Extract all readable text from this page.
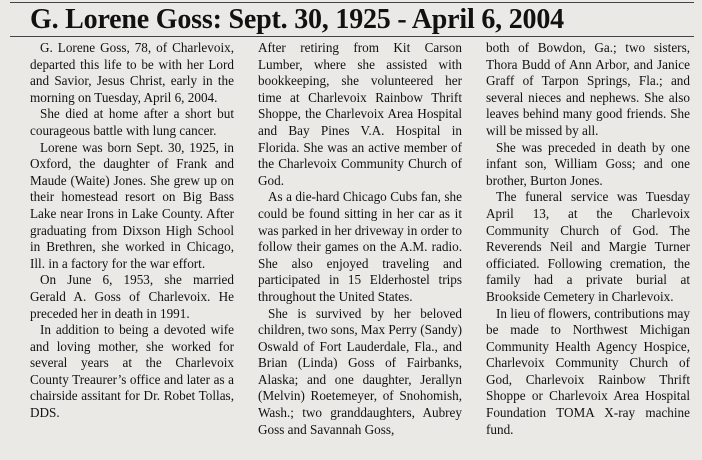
G. Lorene Goss: Sept. 30, 1925 - April 6, 2004

G. Lorene Goss, 78, of Charlevoix, departed this life to be with her Lord and Savior, Jesus Christ, early in the morning on Tuesday, April 6, 2004.

She died at home after a short but courageous battle with lung cancer.

Lorene was born Sept. 30, 1925, in Oxford, the daughter of Frank and Maude (Waite) Jones. She grew up on their homestead resort on Big Bass Lake near Irons in Lake County. After graduating from Dixson High School in Brethren, she worked in Chicago, Ill. in a factory for the war effort.

On June 6, 1953, she married Gerald A. Goss of Charlevoix. He preceded her in death in 1991.

In addition to being a devoted wife and loving mother, she worked for several years at the Charlevoix County Treaurer’s office and later as a chairside assitant for Dr. Robet Tollas, DDS.

After retiring from Kit Carson Lumber, where she assisted with bookkeeping, she volunteered her time at Charlevoix Rainbow Thrift Shoppe, the Charlevoix Area Hospital and Bay Pines V.A. Hospital in Florida. She was an active member of the Charlevoix Community Church of God.

As a die-hard Chicago Cubs fan, she could be found sitting in her car as it was parked in her driveway in order to follow their games on the A.M. radio. She also enjoyed traveling and participated in 15 Elderhostel trips throughout the United States.

She is survived by her beloved children, two sons, Max Perry (Sandy) Oswald of Fort Lauderdale, Fla., and Brian (Linda) Goss of Fairbanks, Alaska; and one daughter, Jerallyn (Melvin) Roetemeyer, of Snohomish, Wash.; two granddaughters, Aubrey Goss and Savannah Goss,

both of Bowdon, Ga.; two sisters, Thora Budd of Ann Arbor, and Janice Graff of Tarpon Springs, Fla.; and several nieces and nephews. She also leaves behind many good friends. She will be missed by all.

She was preceded in death by one infant son, William Goss; and one brother, Burton Jones.

The funeral service was Tuesday April 13, at the Charlevoix Community Church of God. The Reverends Neil and Margie Turner officiated. Following cremation, the family had a private burial at Brookside Cemetery in Charlevoix.

In lieu of flowers, contributions may be made to Northwest Michigan Community Health Agency Hospice, Charlevoix Community Church of God, Charlevoix Rainbow Thrift Shoppe or Charlevoix Area Hospital Foundation TOMA X-ray machine fund.
